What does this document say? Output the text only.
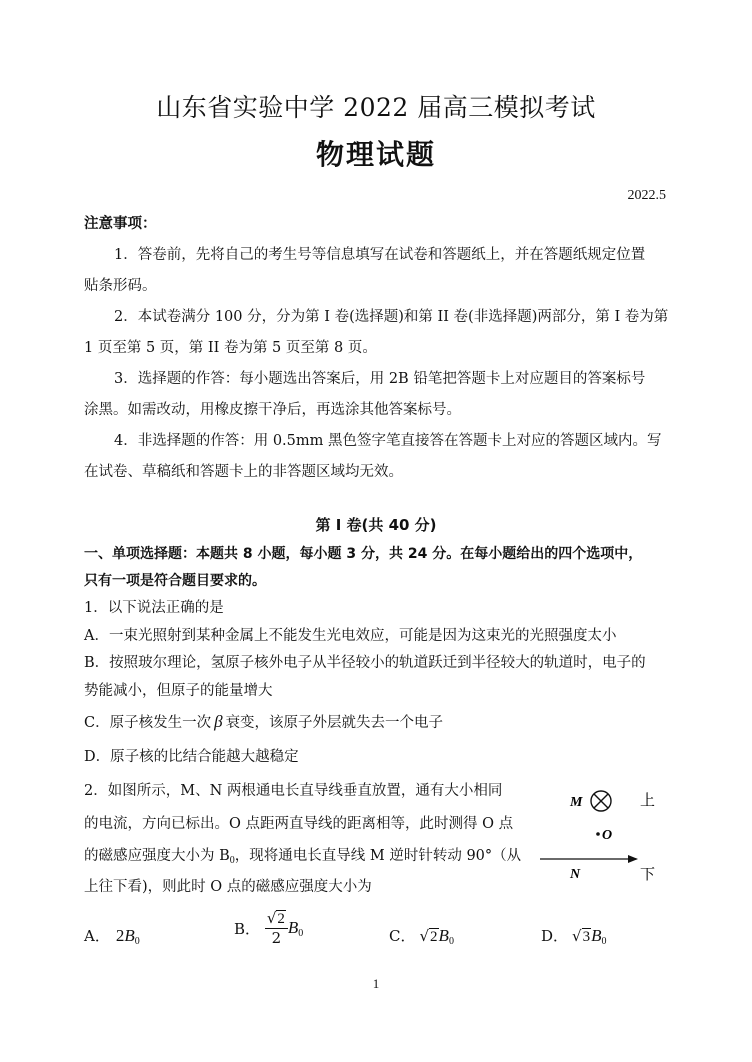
山东省实验中学 2022 届高三模拟考试
物理试题
2022.5
注意事项：
1．答卷前，先将自己的考生号等信息填写在试卷和答题纸上，并在答题纸规定位置
贴条形码。
2．本试卷满分 100 分，分为第 I 卷(选择题)和第 II 卷(非选择题)两部分，第 I 卷为第
1 页至第 5 页，第 II 卷为第 5 页至第 8 页。
3．选择题的作答：每小题选出答案后，用 2B 铅笔把答题卡上对应题目的答案标号
涂黑。如需改动，用橡皮擦干净后，再选涂其他答案标号。
4．非选择题的作答：用 0.5mm 黑色签字笔直接答在答题卡上对应的答题区域内。写
在试卷、草稿纸和答题卡上的非答题区域均无效。
第 Ⅰ 卷(共 40 分)
一、单项选择题：本题共 8 小题，每小题 3 分，共 24 分。在每小题给出的四个选项中，
只有一项是符合题目要求的。
1．以下说法正确的是
A．一束光照射到某种金属上不能发生光电效应，可能是因为这束光的光照强度太小
B．按照玻尔理论，氢原子核外电子从半径较小的轨道跃迁到半径较大的轨道时，电子的
势能减小，但原子的能量增大
C．原子核发生一次 β 衰变，该原子外层就失去一个电子
D．原子核的比结合能越大越稳定
2．如图所示，M、N 两根通电长直导线垂直放置，通有大小相同
的电流，方向已标出。O 点距两直导线的距离相等，此时测得 O 点
的磁感应强度大小为 $B_0$，现将通电长直导线 M 逆时针转动 90°（从
上往下看)，则此时 O 点的磁感应强度大小为
M	上
O
N	下
A． $2B_0$
B． $\frac{√2}{2} B_0$	C． $√2B_0$	D． $√3B_0$
1
